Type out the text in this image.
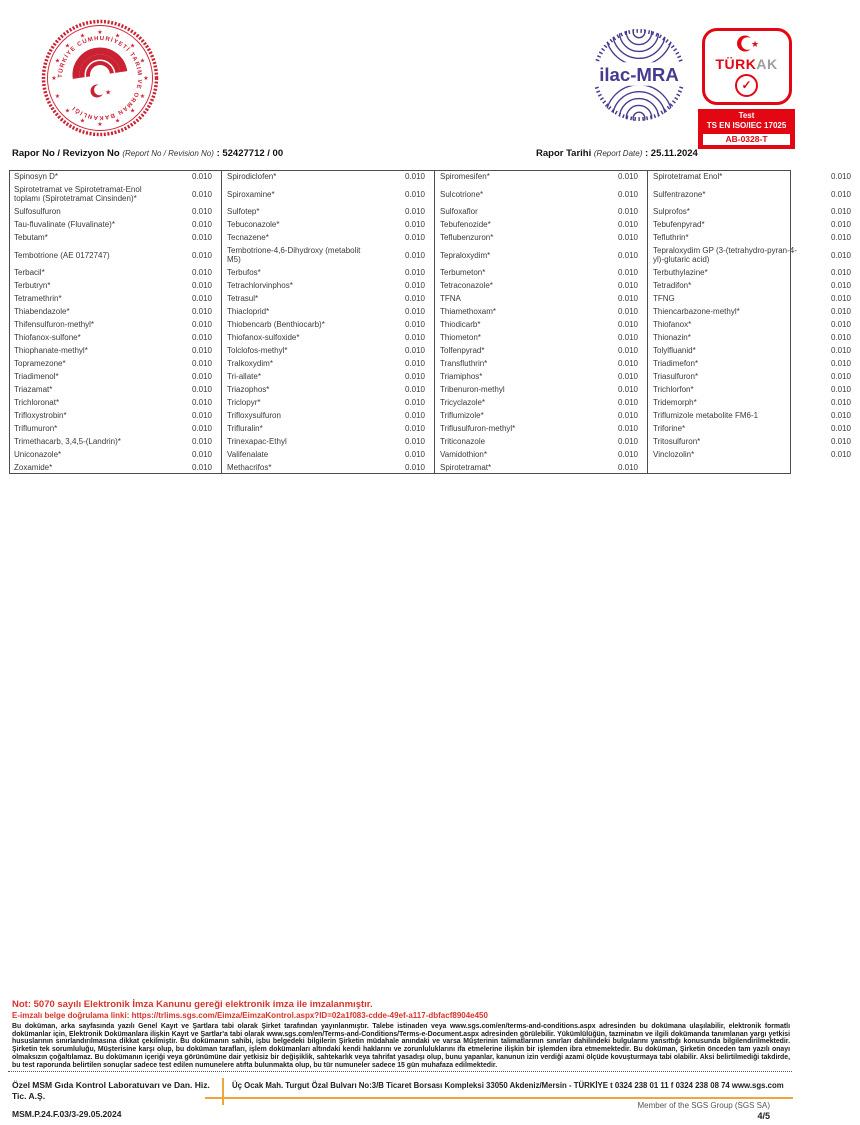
★
★
★
★
★
★
★
★
★
★
★
★
★
★
★
★
TÜRKİYE CUMHURİYETİ TARIM VE ORMAN BAKANLIĞI
★
ilac-MRA
★
TÜRKAK
✓
Test
TS EN ISO/IEC 17025
AB-0328-T
Rapor No / Revizyon No (Report No / Revision No) : 52427712 / 00	Rapor Tarihi (Report Date) : 25.11.2024
Spinosyn D*	0.010	Spirodiclofen*	0.010	Spiromesifen*	0.010	Spirotetramat Enol*	0.010
Spirotetramat ve Spirotetramat-Enol toplamı (Spirotetramat Cinsinden)*	0.010	Spiroxamine*	0.010	Sulcotrione*	0.010	Sulfentrazone*	0.010
Sulfosulfuron	0.010	Sulfotep*	0.010	Sulfoxaflor	0.010	Sulprofos*	0.010
Tau-fluvalinate (Fluvalinate)*	0.010	Tebuconazole*	0.010	Tebufenozide*	0.010	Tebufenpyrad*	0.010
Tebutam*	0.010	Tecnazene*	0.010	Teflubenzuron*	0.010	Tefluthrin*	0.010
Tembotrione (AE 0172747)	0.010	Tembotrione-4,6-Dihydroxy (metabolit M5)	0.010	Tepraloxydim*	0.010	Tepraloxydim GP (3-(tetrahydro-pyran-4-yl)-glutaric acid)	0.010
Terbacil*	0.010	Terbufos*	0.010	Terbumeton*	0.010	Terbuthylazine*	0.010
Terbutryn*	0.010	Tetrachlorvinphos*	0.010	Tetraconazole*	0.010	Tetradifon*	0.010
Tetramethrin*	0.010	Tetrasul*	0.010	TFNA	0.010	TFNG	0.010
Thiabendazole*	0.010	Thiacloprid*	0.010	Thiamethoxam*	0.010	Thiencarbazone-methyl*	0.010
Thifensulfuron-methyl*	0.010	Thiobencarb (Benthiocarb)*	0.010	Thiodicarb*	0.010	Thiofanox*	0.010
Thiofanox-sulfone*	0.010	Thiofanox-sulfoxide*	0.010	Thiometon*	0.010	Thionazin*	0.010
Thiophanate-methyl*	0.010	Tolclofos-methyl*	0.010	Tolfenpyrad*	0.010	Tolylfluanid*	0.010
Topramezone*	0.010	Tralkoxydim*	0.010	Transfluthrin*	0.010	Triadimefon*	0.010
Triadimenol*	0.010	Tri-allate*	0.010	Triamiphos*	0.010	Triasulfuron*	0.010
Triazamat*	0.010	Triazophos*	0.010	Tribenuron-methyl	0.010	Trichlorfon*	0.010
Trichloronat*	0.010	Triclopyr*	0.010	Tricyclazole*	0.010	Tridemorph*	0.010
Trifloxystrobin*	0.010	Trifloxysulfuron	0.010	Triflumizole*	0.010	Triflumizole metabolite FM6-1	0.010
Triflumuron*	0.010	Trifluralin*	0.010	Triflusulfuron-methyl*	0.010	Triforine*	0.010
Trimethacarb, 3,4,5-(Landrin)*	0.010	Trinexapac-Ethyl	0.010	Triticonazole	0.010	Tritosulfuron*	0.010
Uniconazole*	0.010	Valifenalate	0.010	Vamidothion*	0.010	Vinclozolin*	0.010
Zoxamide*	0.010	Methacrifos*	0.010	Spirotetramat*	0.010		
Not: 5070 sayılı Elektronik İmza Kanunu gereği elektronik imza ile imzalanmıştır.
E-imzalı belge doğrulama linki: https://trlims.sgs.com/Eimza/EimzaKontrol.aspx?ID=02a1f083-cdde-49ef-a117-dbfacf8904e450
Bu doküman, arka sayfasında yazılı Genel Kayıt ve Şartlara tabi olarak Şirket tarafından yayınlanmıştır. Talebe istinaden veya www.sgs.com/en/terms-and-conditions.aspx adresinden bu dokümana ulaşılabilir, elektronik formatlı dokümanlar için, Elektronik Dokümanlara ilişkin Kayıt ve Şartlar'a tabi olarak www.sgs.com/en/Terms-and-Conditions/Terms-e-Document.aspx adresinden görülebilir. Yükümlülüğün, tazminatın ve ilgili dokümanda tanımlanan yargı yetkisi hususlarının sınırlandırılmasına dikkat çekilmiştir. Bu dokümanın sahibi, işbu belgedeki bilgilerin Şirketin müdahale anındaki ve varsa Müşterinin talimatlarının sınırları dahilindeki bulgularını yansıttığı konusunda bilgilendirilmektedir. Şirketin tek sorumluluğu, Müşterisine karşı olup, bu doküman tarafları, işlem dokümanları altındaki kendi haklarını ve zorunluluklarını ifa etmelerine ilişkin bir işlemden ibra etmemektedir. Bu doküman, Şirketin önceden tam yazılı onayı olmaksızın çoğaltılamaz. Bu dokümanın içeriği veya görünümüne dair yetkisiz bir değişiklik, sahtekarlık veya tahrifat yasadışı olup, bunu yapanlar, kanunun izin verdiği azami ölçüde kovuşturmaya tabi olabilir. Aksi belirtilmediği takdirde, bu test raporunda belirtilen sonuçlar sadece test edilen numunelere atıfta bulunmakta olup, bu tür numuneler sadece 15 gün muhafaza edilmektedir.
Özel MSM Gıda Kontrol Laboratuvarı ve Dan. Hiz. Tic. A.Ş.
MSM.P.24.F.03/3-29.05.2024
Üç Ocak Mah. Turgut Özal Bulvarı No:3/B Ticaret Borsası Kompleksi 33050 Akdeniz/Mersin - TÜRKİYE t 0324 238 01 11 f 0324 238 08 74 www.sgs.com
Member of the SGS Group (SGS SA)
4/5
